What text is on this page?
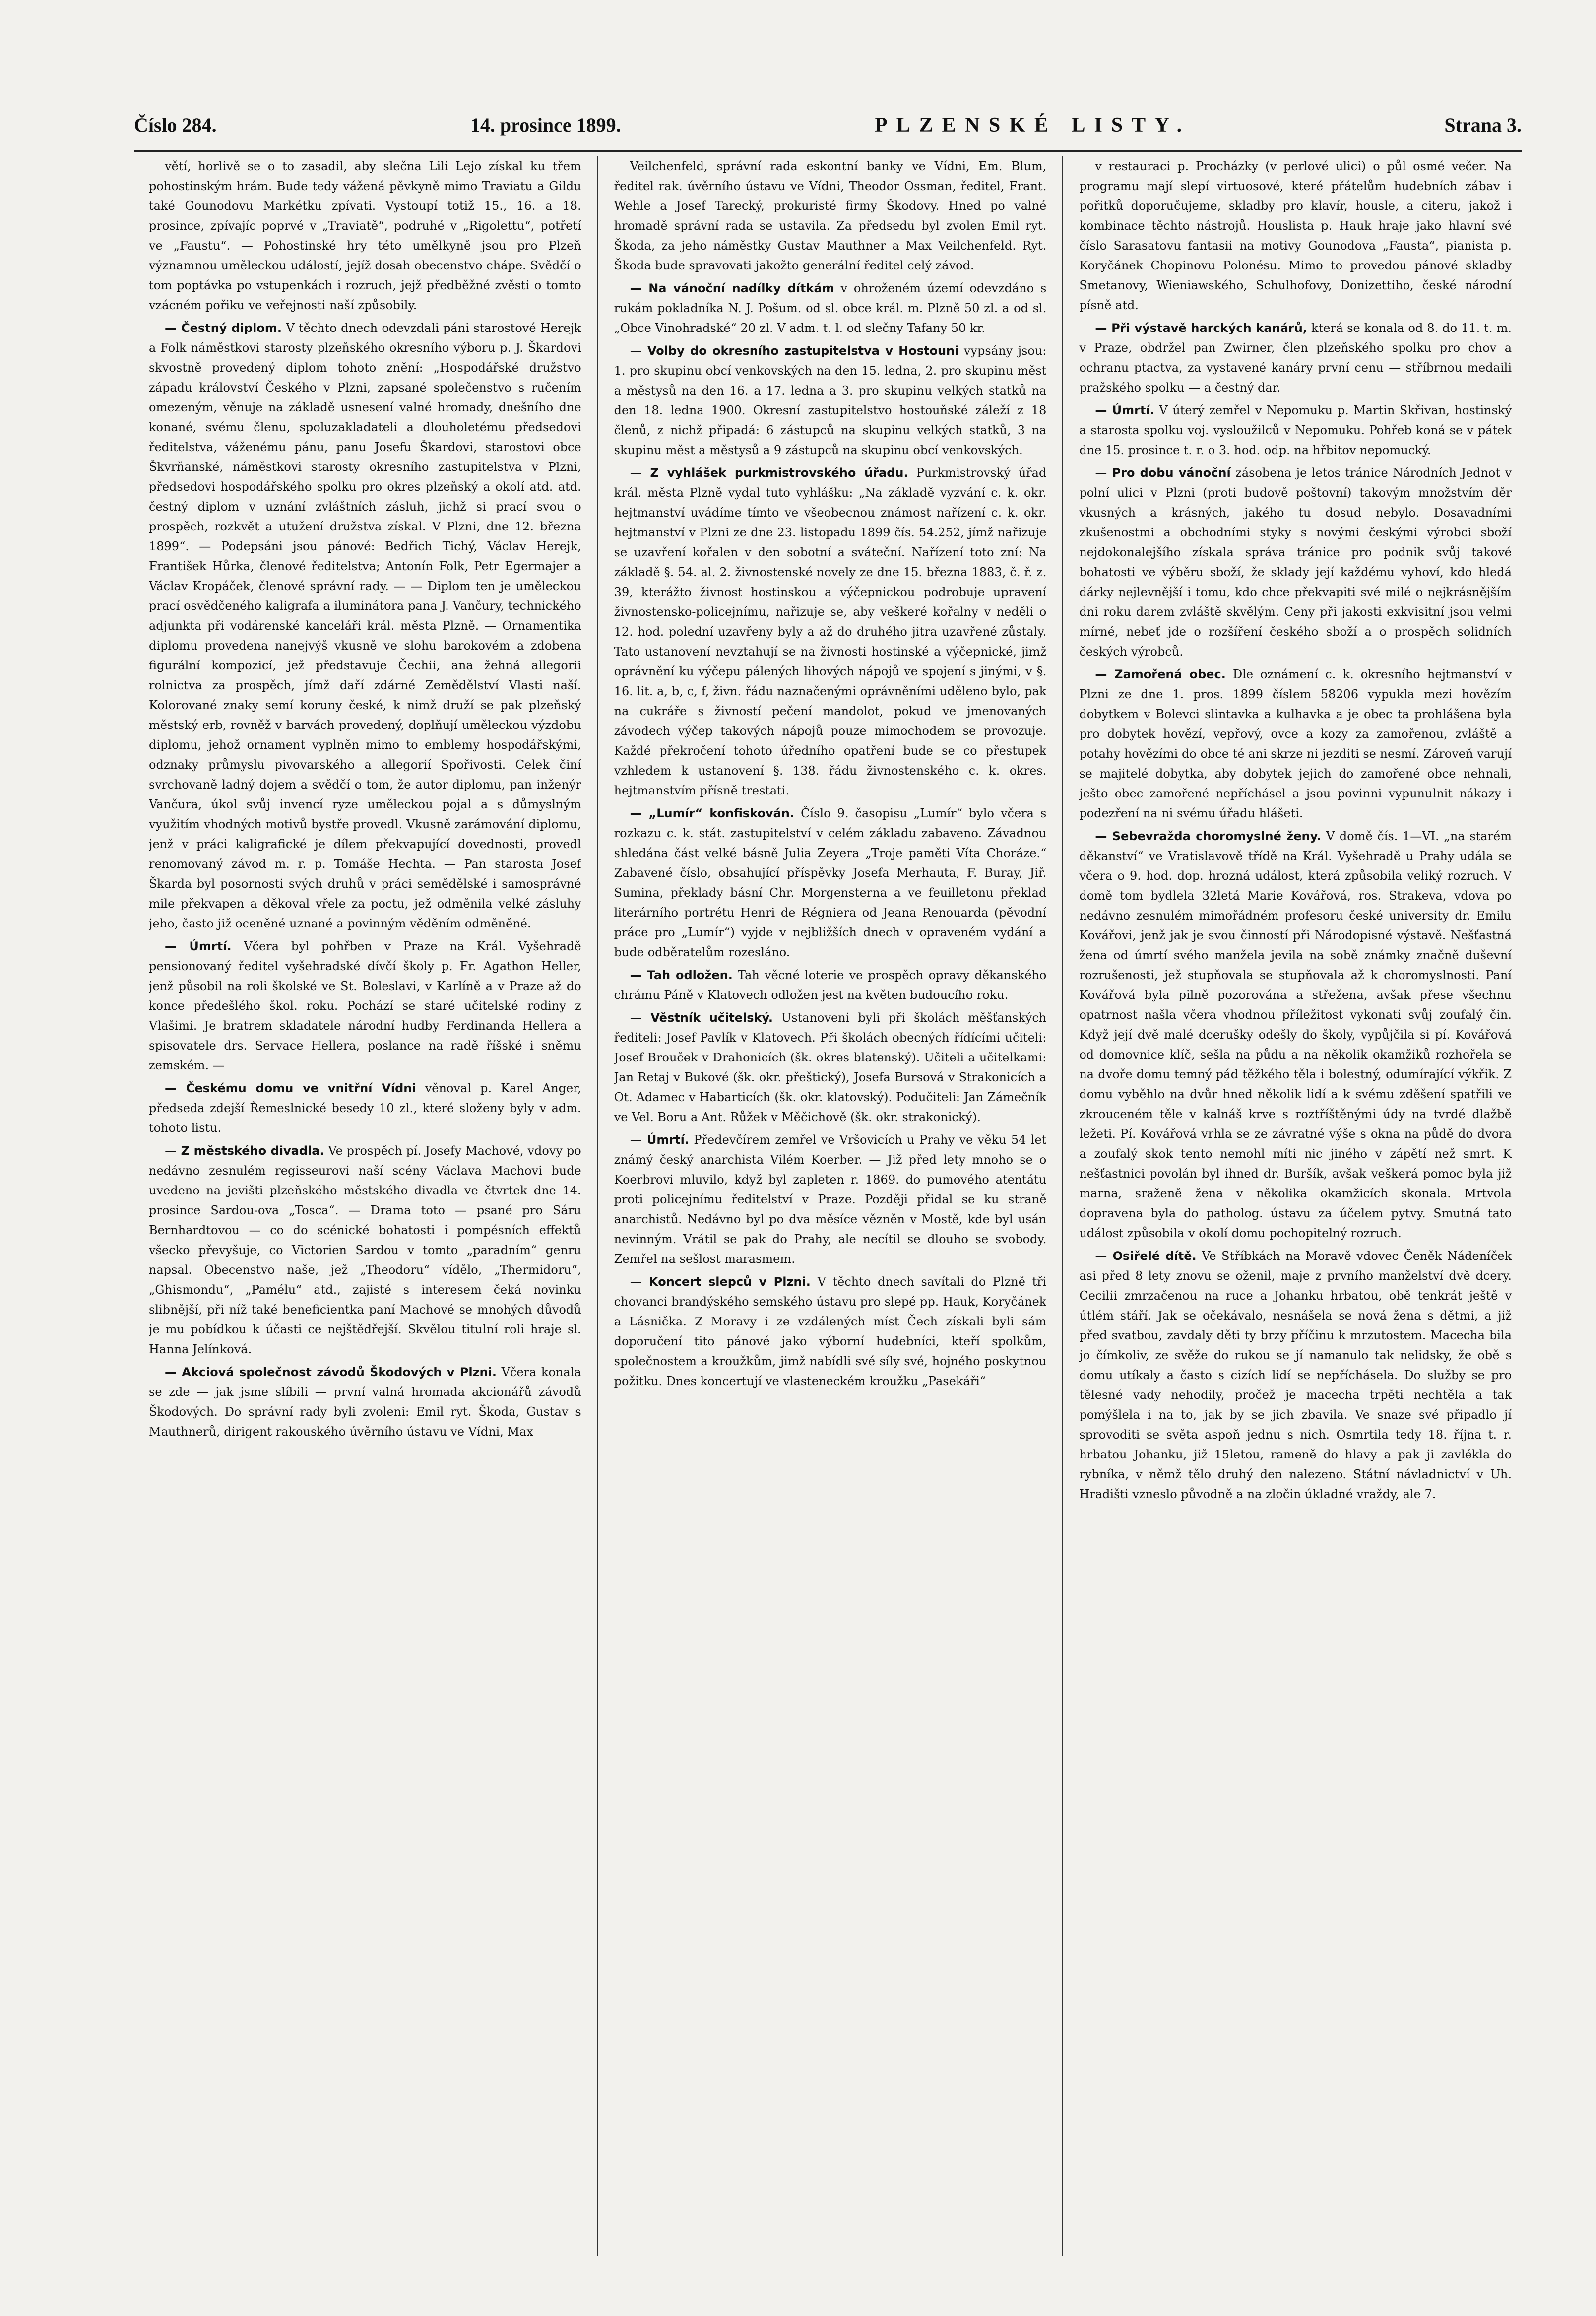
Číslo 284.	14. prosince 1899.	PLZENSKÉ LISTY.	Strana 3.

větí, horlivě se o to zasadil, aby slečna Lili Lejo získal ku třem pohostinským hrám. Bude tedy vážená pěvkyně mimo Traviatu a Gildu také Gounodovu Markétku zpívati. Vystoupí totiž 15., 16. a 18. prosince, zpívajíc poprvé v „Traviatě“, podruhé v „Rigolettu“, potřetí ve „Faustu“. — Pohostinské hry této umělkyně jsou pro Plzeň významnou uměleckou událostí, jejíž dosah obecenstvo chápe. Svědčí o tom poptávka po vstupenkách i rozruch, jejž předběžné zvěsti o tomto vzácném pořiku ve veřejnosti naší způsobily.

— Čestný diplom. V těchto dnech odevzdali páni starostové Herejk a Folk náměstkovi starosty plzeňského okresního výboru p. J. Škardovi skvostně provedený diplom tohoto znění: „Hospodářské družstvo západu království Českého v Plzni, zapsané společenstvo s ručením omezeným, věnuje na základě usnesení valné hromady, dnešního dne konané, svému členu, spoluzakladateli a dlouholetému předsedovi ředitelstva, váženému pánu, panu Josefu Škardovi, starostovi obce Škvrňanské, náměstkovi starosty okresního zastupitelstva v Plzni, předsedovi hospodářského spolku pro okres plzeňský a okolí atd. atd. čestný diplom v uznání zvláštních zásluh, jichž si prací svou o prospěch, rozkvět a utužení družstva získal. V Plzni, dne 12. března 1899“. — Podepsáni jsou pánové: Bedřich Tichý, Václav Herejk, František Hůrka, členové ředitelstva; Antonín Folk, Petr Egermajer a Václav Kropáček, členové správní rady. — — Diplom ten je uměleckou prací osvědčeného kaligrafa a iluminátora pana J. Vančury, technického adjunkta při vodárenské kanceláři král. města Plzně. — Ornamentika diplomu provedena nanejvýš vkusně ve slohu barokovém a zdobena figurální kompozicí, jež představuje Čechii, ana žehná allegorii rolnictva za prospěch, jímž daří zdárné Zemědělství Vlasti naší. Kolorované znaky semí koruny české, k nimž druží se pak plzeňský městský erb, rovněž v barvách provedený, doplňují uměleckou výzdobu diplomu, jehož ornament vyplněn mimo to emblemy hospodářskými, odznaky průmyslu pivovarského a allegorií Spořivosti. Celek činí svrchovaně ladný dojem a svědčí o tom, že autor diplomu, pan inženýr Vančura, úkol svůj invencí ryze uměleckou pojal a s důmyslným využitím vhodných motivů bystře provedl. Vkusně zarámování diplomu, jenž v práci kaligrafické je dílem překvapující dovednosti, provedl renomovaný závod m. r. p. Tomáše Hechta. — Pan starosta Josef Škarda byl posornosti svých druhů v práci semědělské i samosprávné mile překvapen a děkoval vřele za poctu, jež odměnila velké zásluhy jeho, často již oceněné uznané a povinným věděním odměněné.

— Úmrtí. Včera byl pohřben v Praze na Král. Vyšehradě pensionovaný ředitel vyšehradské dívčí školy p. Fr. Agathon Heller, jenž působil na roli školské ve St. Boleslavi, v Karlíně a v Praze až do konce předešlého škol. roku. Pochází se staré učitelské rodiny z Vlašimi. Je bratrem skladatele národní hudby Ferdinanda Hellera a spisovatele drs. Servace Hellera, poslance na radě říšské i sněmu zemském. —

— Českému domu ve vnitřní Vídni věnoval p. Karel Anger, předseda zdejší Řemeslnické besedy 10 zl., které složeny byly v adm. tohoto listu.

— Z městského divadla. Ve prospěch pí. Josefy Machové, vdovy po nedávno zesnulém regisseurovi naší scény Václava Machovi bude uvedeno na jevišti plzeňského městského divadla ve čtvrtek dne 14. prosince Sardou-ova „Tosca“. — Drama toto — psané pro Sáru Bernhardtovou — co do scénické bohatosti i pompésních effektů všecko převyšuje, co Victorien Sardou v tomto „paradním“ genru napsal. Obecenstvo naše, jež „Theodoru“ vídělo, „Thermidoru“, „Ghismondu“, „Pamélu“ atd., zajisté s interesem čeká novinku slibnější, při níž také beneficientka paní Machové se mnohých důvodů je mu pobídkou k účasti ce nejštědřejší. Skvělou titulní roli hraje sl. Hanna Jelínková.

— Akciová společnost závodů Škodových v Plzni. Včera konala se zde — jak jsme slíbili — první valná hromada akcionářů závodů Škodových. Do správní rady byli zvoleni: Emil ryt. Škoda, Gustav s Mauthnerů, dirigent rakouského úvěrního ústavu ve Vídni, Max

Veilchenfeld, správní rada eskontní banky ve Vídni, Em. Blum, ředitel rak. úvěrního ústavu ve Vídni, Theodor Ossman, ředitel, Frant. Wehle a Josef Tarecký, prokuristé firmy Škodovy. Hned po valné hromadě správní rada se ustavila. Za předsedu byl zvolen Emil ryt. Škoda, za jeho náměstky Gustav Mauthner a Max Veilchenfeld. Ryt. Škoda bude spravovati jakožto generální ředitel celý závod.

— Na vánoční nadílky dítkám v ohroženém území odevzdáno s rukám pokladníka N. J. Pošum. od sl. obce král. m. Plzně 50 zl. a od sl. „Obce Vinohradské“ 20 zl. V adm. t. l. od slečny Tafany 50 kr.

— Volby do okresního zastupitelstva v Hostouni vypsány jsou: 1. pro skupinu obcí venkovských na den 15. ledna, 2. pro skupinu měst a městysů na den 16. a 17. ledna a 3. pro skupinu velkých statků na den 18. ledna 1900. Okresní zastupitelstvo hostouňské záleží z 18 členů, z nichž připadá: 6 zástupců na skupinu velkých statků, 3 na skupinu měst a městysů a 9 zástupců na skupinu obcí venkovských.

— Z vyhlášek purkmistrovského úřadu. Purkmistrovský úřad král. města Plzně vydal tuto vyhlášku: „Na základě vyzvání c. k. okr. hejtmanství uvádíme tímto ve všeobecnou známost nařízení c. k. okr. hejtmanství v Plzni ze dne 23. listopadu 1899 čís. 54.252, jímž nařizuje se uzavření kořalen v den sobotní a sváteční. Nařízení toto zní: Na základě §. 54. al. 2. živnostenské novely ze dne 15. března 1883, č. ř. z. 39, kterážto živnost hostinskou a výčepnickou podrobuje upravení živnostensko-policejnímu, nařizuje se, aby veškeré kořalny v neděli o 12. hod. polední uzavřeny byly a až do druhého jitra uzavřené zůstaly. Tato ustanovení nevztahují se na živnosti hostinské a výčepnické, jimž oprávnění ku výčepu pálených lihových nápojů ve spojení s jinými, v §. 16. lit. a, b, c, f, živn. řádu naznačenými oprávněními uděleno bylo, pak na cukráře s živností pečení mandolot, pokud ve jmenovaných závodech výčep takových nápojů pouze mimochodem se provozuje. Každé překročení tohoto úředního opatření bude se co přestupek vzhledem k ustanovení §. 138. řádu živnostenského c. k. okres. hejtmanstvím přísně trestati.

— „Lumír“ konfiskován. Číslo 9. časopisu „Lumír“ bylo včera s rozkazu c. k. stát. zastupitelství v celém základu zabaveno. Závadnou shledána část velké básně Julia Zeyera „Troje paměti Víta Choráze.“ Zabavené číslo, obsahující příspěvky Josefa Merhauta, F. Buray, Jiř. Sumina, překlady básní Chr. Morgensterna a ve feuilletonu překlad literárního portrétu Henri de Régniera od Jeana Renouarda (pěvodní práce pro „Lumír“) vyjde v nejbližších dnech v opraveném vydání a bude odběratelům rozesláno.

— Tah odložen. Tah věcné loterie ve prospěch opravy děkanského chrámu Páně v Klatovech odložen jest na květen budoucího roku.

— Věstník učitelský. Ustanoveni byli při školách měšťanských řediteli: Josef Pavlík v Klatovech. Při školách obecných řídícími učiteli: Josef Brouček v Drahonicích (šk. okres blatenský). Učiteli a učitelkami: Jan Retaj v Bukové (šk. okr. přeštický), Josefa Bursová v Strakonicích a Ot. Adamec v Habarticích (šk. okr. klatovský). Podučiteli: Jan Zámečník ve Vel. Boru a Ant. Růžek v Měčichově (šk. okr. strakonický).

— Úmrtí. Předevčírem zemřel ve Vršovicích u Prahy ve věku 54 let známý český anarchista Vilém Koerber. — Již před lety mnoho se o Koerbrovi mluvilo, když byl zapleten r. 1869. do pumového atentátu proti policejnímu ředitelství v Praze. Později přidal se ku straně anarchistů. Nedávno byl po dva měsíce vězněn v Mostě, kde byl usán nevinným. Vrátil se pak do Prahy, ale necítil se dlouho se svobody. Zemřel na sešlost marasmem.

— Koncert slepců v Plzni. V těchto dnech savítali do Plzně tři chovanci brandýského semského ústavu pro slepé pp. Hauk, Koryčánek a Lásnička. Z Moravy i ze vzdálených míst Čech získali byli sám doporučení tito pánové jako výborní hudebníci, kteří spolkům, společnostem a kroužkům, jimž nabídli své síly své, hojného poskytnou požitku. Dnes koncertují ve vlasteneckém kroužku „Pasekáři“

v restauraci p. Procházky (v perlové ulici) o půl osmé večer. Na programu mají slepí virtuosové, které přátelům hudebních zábav i pořitků doporučujeme, skladby pro klavír, housle, a citeru, jakož i kombinace těchto nástrojů. Houslista p. Hauk hraje jako hlavní své číslo Sarasatovu fantasii na motivy Gounodova „Fausta“, pianista p. Koryčánek Chopinovu Polonésu. Mimo to provedou pánové skladby Smetanovy, Wieniawského, Schulhofovy, Donizettiho, české národní písně atd.

— Při výstavě harckých kanárů, která se konala od 8. do 11. t. m. v Praze, obdržel pan Zwirner, člen plzeňského spolku pro chov a ochranu ptactva, za vystavené kanáry první cenu — stříbrnou medaili pražského spolku — a čestný dar.

— Úmrtí. V úterý zemřel v Nepomuku p. Martin Skřivan, hostinský a starosta spolku voj. vysloužilců v Nepomuku. Pohřeb koná se v pátek dne 15. prosince t. r. o 3. hod. odp. na hřbitov nepomucký.

— Pro dobu vánoční zásobena je letos tránice Národních Jednot v polní ulici v Plzni (proti budově poštovní) takovým množstvím děr vkusných a krásných, jakého tu dosud nebylo. Dosavadními zkušenostmi a obchodními styky s novými českými výrobci sboží nejdokonalejšího získala správa tránice pro podnik svůj takové bohatosti ve výběru sboží, že sklady její každému vyhoví, kdo hledá dárky nejlevnější i tomu, kdo chce překvapiti své milé o nejkrásnějším dni roku darem zvláště skvělým. Ceny při jakosti exkvisitní jsou velmi mírné, nebeť jde o rozšíření českého sboží a o prospěch solidních českých výrobců.

— Zamořená obec. Dle oznámení c. k. okresního hejtmanství v Plzni ze dne 1. pros. 1899 číslem 58206 vypukla mezi hovězím dobytkem v Bolevci slintavka a kulhavka a je obec ta prohlášena byla pro dobytek hovězí, vepřový, ovce a kozy za zamořenou, zvláště a potahy hovězími do obce té ani skrze ni jezditi se nesmí. Zároveň varují se majitelé dobytka, aby dobytek jejich do zamořené obce nehnali, ješto obec zamořené nepříchásel a jsou povinni vypunulnit nákazy i podezření na ni svému úřadu hlášeti.

— Sebevražda choromyslné ženy. V domě čís. 1—VI. „na starém děkanství“ ve Vratislavově třídě na Král. Vyšehradě u Prahy udála se včera o 9. hod. dop. hrozná událost, která způsobila veliký rozruch. V domě tom bydlela 32letá Marie Kovářová, ros. Strakeva, vdova po nedávno zesnulém mimořádném profesoru české university dr. Emilu Kovářovi, jenž jak je svou činností při Národopisné výstavě. Nešťastná žena od úmrtí svého manžela jevila na sobě známky značně duševní rozrušenosti, jež stupňovala se stupňovala až k choromyslnosti. Paní Kovářová byla pilně pozorována a střežena, avšak přese všechnu opatrnost našla včera vhodnou příležitost vykonati svůj zoufalý čin. Když její dvě malé dcerušky odešly do školy, vypůjčila si pí. Kovářová od domovnice klíč, sešla na půdu a na několik okamžiků rozhořela se na dvoře domu temný pád těžkého těla i bolestný, odumírající výkřik. Z domu vyběhlo na dvůr hned několik lidí a k svému zděšení spatřili ve zkrouceném těle v kalnáš krve s roztříštěnými údy na tvrdé dlažbě ležeti. Pí. Kovářová vrhla se ze závratné výše s okna na půdě do dvora a zoufalý skok tento nemohl míti nic jiného v zápětí než smrt. K nešťastnici povolán byl ihned dr. Buršík, avšak veškerá pomoc byla již marna, sraženě žena v několika okamžicích skonala. Mrtvola dopravena byla do patholog. ústavu za účelem pytvy. Smutná tato událost způsobila v okolí domu pochopitelný rozruch.

— Osiřelé dítě. Ve Stříbkách na Moravě vdovec Čeněk Nádeníček asi před 8 lety znovu se oženil, maje z prvního manželství dvě dcery. Cecilii zmrzačenou na ruce a Johanku hrbatou, obě tenkrát ještě v útlém stáří. Jak se očekávalo, nesnášela se nová žena s dětmi, a již před svatbou, zavdaly děti ty brzy příčinu k mrzutostem. Macecha bila jo čímkoliv, ze svěže do rukou se jí namanulo tak nelidsky, že obě s domu utíkaly a často s cizích lidí se nepříchásela. Do služby se pro tělesné vady nehodily, pročež je macecha trpěti nechtěla a tak pomýšlela i na to, jak by se jich zbavila. Ve snaze své připadlo jí sprovoditi se světa aspoň jednu s nich. Osmrtila tedy 18. října t. r. hrbatou Johanku, již 15letou, rameně do hlavy a pak ji zavlékla do rybníka, v němž tělo druhý den nalezeno. Státní návladnictví v Uh. Hradišti vzneslo původně a na zločin úkladné vraždy, ale 7.
